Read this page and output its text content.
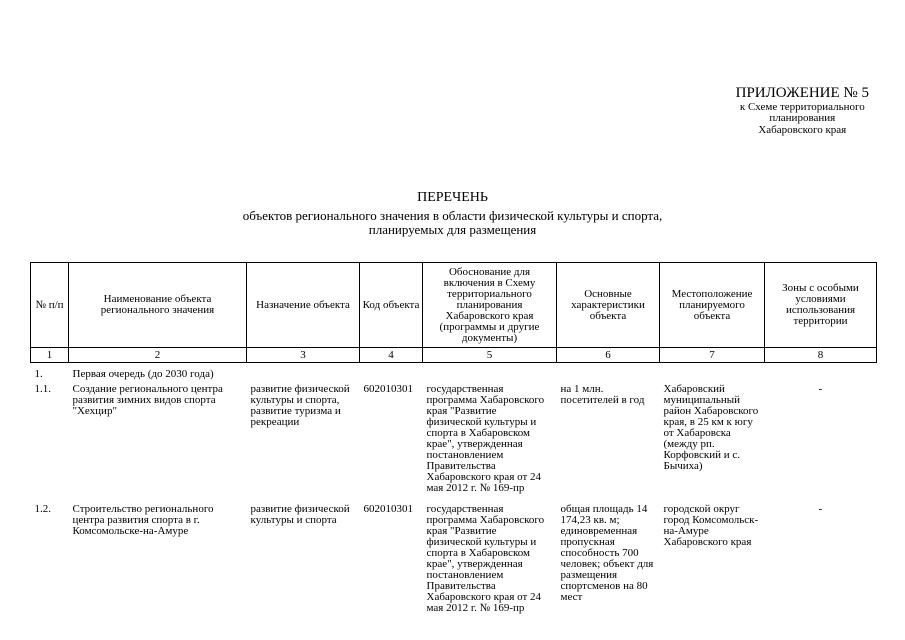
ПРИЛОЖЕНИЕ № 5
к Схеме территориального
планирования
Хабаровского края
ПЕРЕЧЕНЬ
объектов регионального значения в области физической культуры и спорта,
планируемых для размещения
№ п/п	Наименование объекта регионального значения	Назначение объекта	Код объекта	Обоснование для включения в Схему территориального планирования Хабаровского края (программы и другие документы)	Основные характеристики объекта	Местоположение планируемого объекта	Зоны с особыми условиями использования территории
1	2	3	4	5	6	7	8
1.	Первая очередь (до 2030 года)						
1.1.	Создание регионального центра развития зимних видов спорта "Хехцир"	развитие физической культуры и спорта, развитие туризма и рекреации	602010301	государственная программа Хабаровского края "Развитие физической культуры и спорта в Хабаровском крае", утвержденная постановлением Правительства Хабаровского края от 24 мая 2012 г. № 169-пр	на 1 млн. посетителей в год	Хабаровский муниципальный район Хабаровского края, в 25 км к югу от Хабаровска (между рп. Корфовский и с. Бычиха)	-
1.2.	Строительство регионального центра развития спорта в г. Комсомольске-на-Амуре	развитие физической культуры и спорта	602010301	государственная программа Хабаровского края "Развитие физической культуры и спорта в Хабаровском крае", утвержденная постановлением Правительства Хабаровского края от 24 мая 2012 г. № 169-пр	общая площадь 14 174,23 кв. м; единовременная пропускная способность 700 человек; объект для размещения спортсменов на 80 мест	городской округ город Комсомольск-на-Амуре Хабаровского края	-
